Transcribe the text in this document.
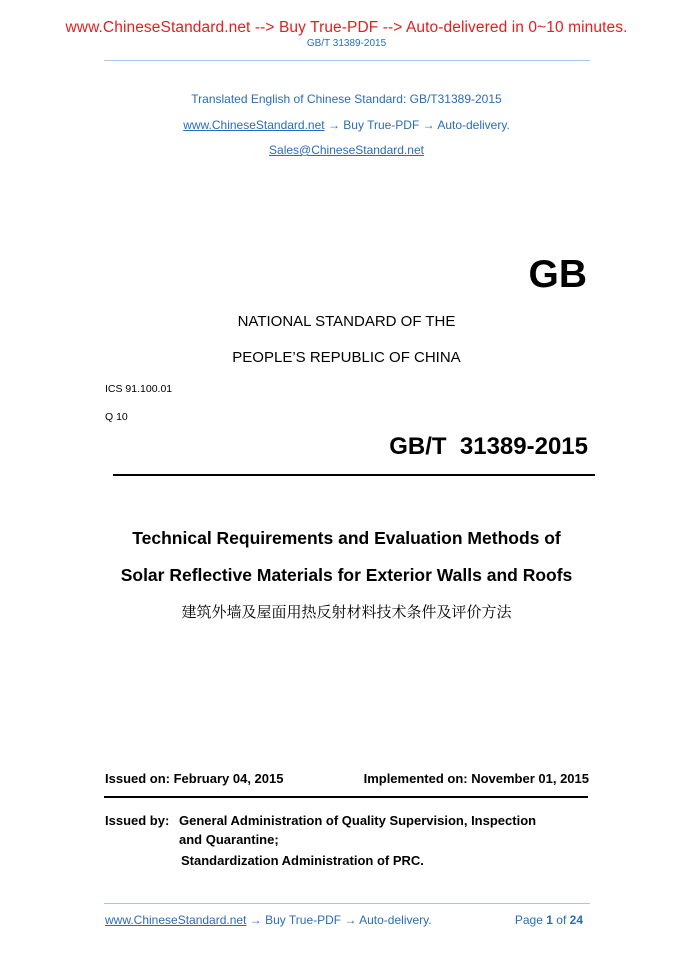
www.ChineseStandard.net --> Buy True-PDF --> Auto-delivered in 0~10 minutes.
GB/T 31389-2015
Translated English of Chinese Standard: GB/T31389-2015
www.ChineseStandard.net → Buy True-PDF → Auto-delivery.
Sales@ChineseStandard.net
GB
NATIONAL STANDARD OF THE
PEOPLE’S REPUBLIC OF CHINA
ICS 91.100.01
Q 10
GB/T  31389-2015
Technical Requirements and Evaluation Methods of
Solar Reflective Materials for Exterior Walls and Roofs
建筑外墙及屋面用热反射材料技术条件及评价方法
Issued on: February 04, 2015	Implemented on: November 01, 2015
Issued by: General Administration of Quality Supervision, Inspection
and Quarantine;
Standardization Administration of PRC.
www.ChineseStandard.net → Buy True-PDF → Auto-delivery.	Page 1 of 24
